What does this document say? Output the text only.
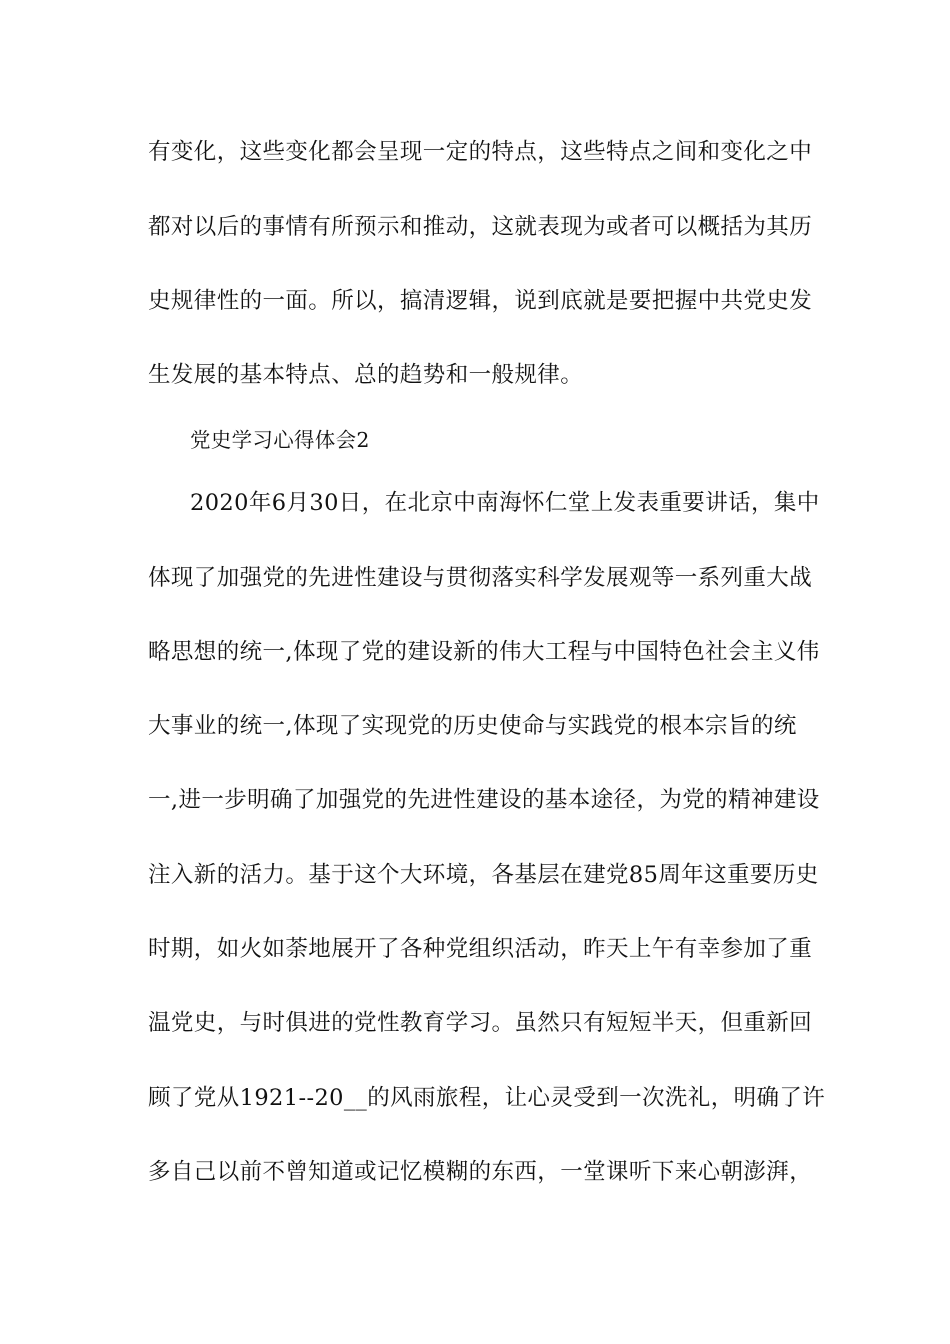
有变化，这些变化都会呈现一定的特点，这些特点之间和变化之中
都对以后的事情有所预示和推动，这就表现为或者可以概括为其历
史规律性的一面。所以，搞清逻辑，说到底就是要把握中共党史发
生发展的基本特点、总的趋势和一般规律。
党史学习心得体会2
2020年6月30日，在北京中南海怀仁堂上发表重要讲话，集中
体现了加强党的先进性建设与贯彻落实科学发展观等一系列重大战
略思想的统一,体现了党的建设新的伟大工程与中国特色社会主义伟
大事业的统一,体现了实现党的历史使命与实践党的根本宗旨的统
一,进一步明确了加强党的先进性建设的基本途径，为党的精神建设
注入新的活力。基于这个大环境，各基层在建党85周年这重要历史
时期，如火如荼地展开了各种党组织活动，昨天上午有幸参加了重
温党史，与时俱进的党性教育学习。虽然只有短短半天，但重新回
顾了党从1921--20__的风雨旅程，让心灵受到一次洗礼，明确了许
多自己以前不曾知道或记忆模糊的东西，一堂课听下来心朝澎湃，
